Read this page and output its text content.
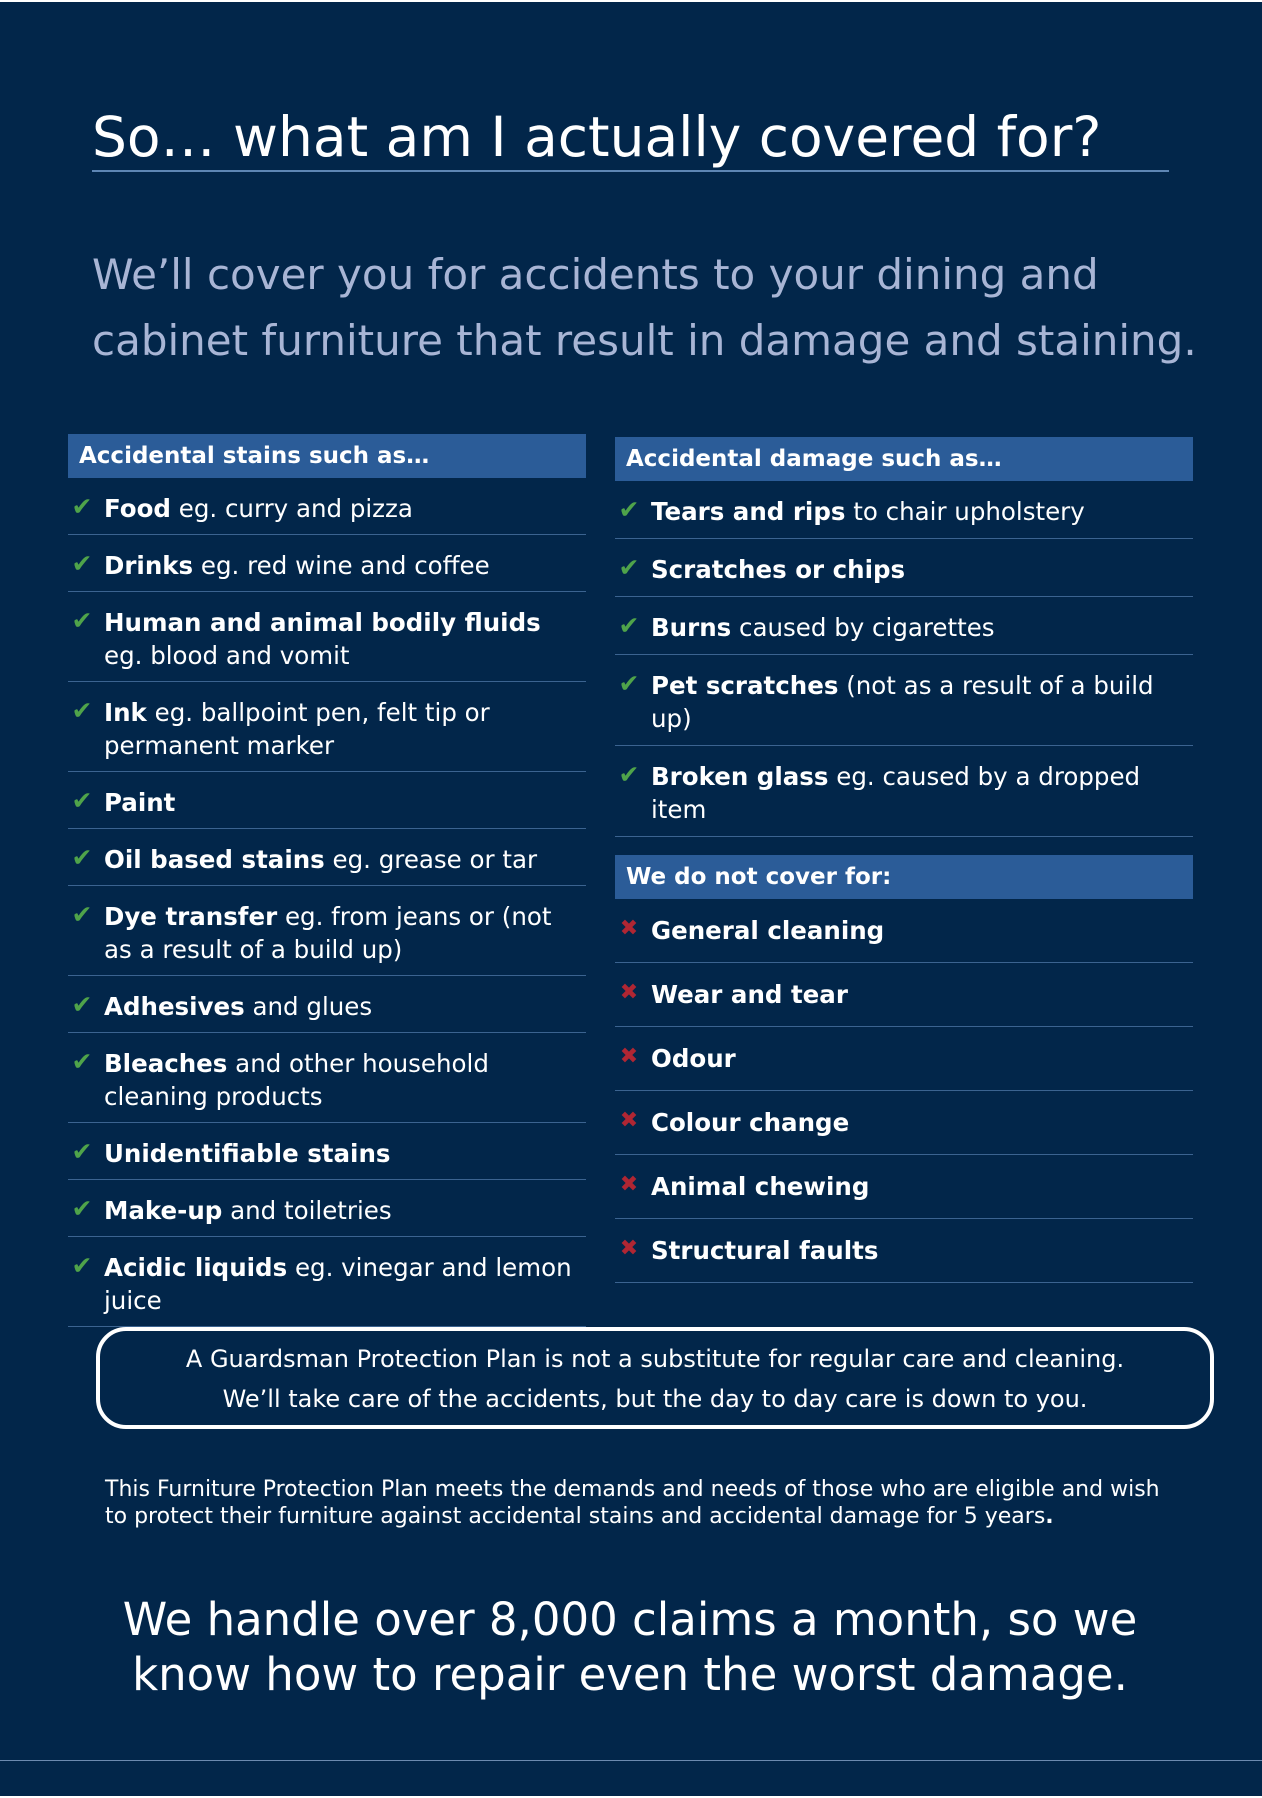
So… what am I actually covered for?

We’ll cover you for accidents to your dining and cabinet furniture that result in damage and staining.

Accidental stains such as…
✔ Food eg. curry and pizza
✔ Drinks eg. red wine and coffee
✔ Human and animal bodily fluids eg. blood and vomit
✔ Ink eg. ballpoint pen, felt tip or permanent marker
✔ Paint
✔ Oil based stains eg. grease or tar
✔ Dye transfer eg. from jeans or (not as a result of a build up)
✔ Adhesives and glues
✔ Bleaches and other household cleaning products
✔ Unidentifiable stains
✔ Make-up and toiletries
✔ Acidic liquids eg. vinegar and lemon juice
Accidental damage such as…
✔ Tears and rips to chair upholstery
✔ Scratches or chips
✔ Burns caused by cigarettes
✔ Pet scratches (not as a result of a build up)
✔ Broken glass eg. caused by a dropped item
We do not cover for:
✖ General cleaning
✖ Wear and tear
✖ Odour
✖ Colour change
✖ Animal chewing
✖ Structural faults

A Guardsman Protection Plan is not a substitute for regular care and cleaning.

We’ll take care of the accidents, but the day to day care is down to you.

This Furniture Protection Plan meets the demands and needs of those who are eligible and wish to protect their furniture against accidental stains and accidental damage for 5 years.

We handle over 8,000 claims a month, so we
know how to repair even the worst damage.
